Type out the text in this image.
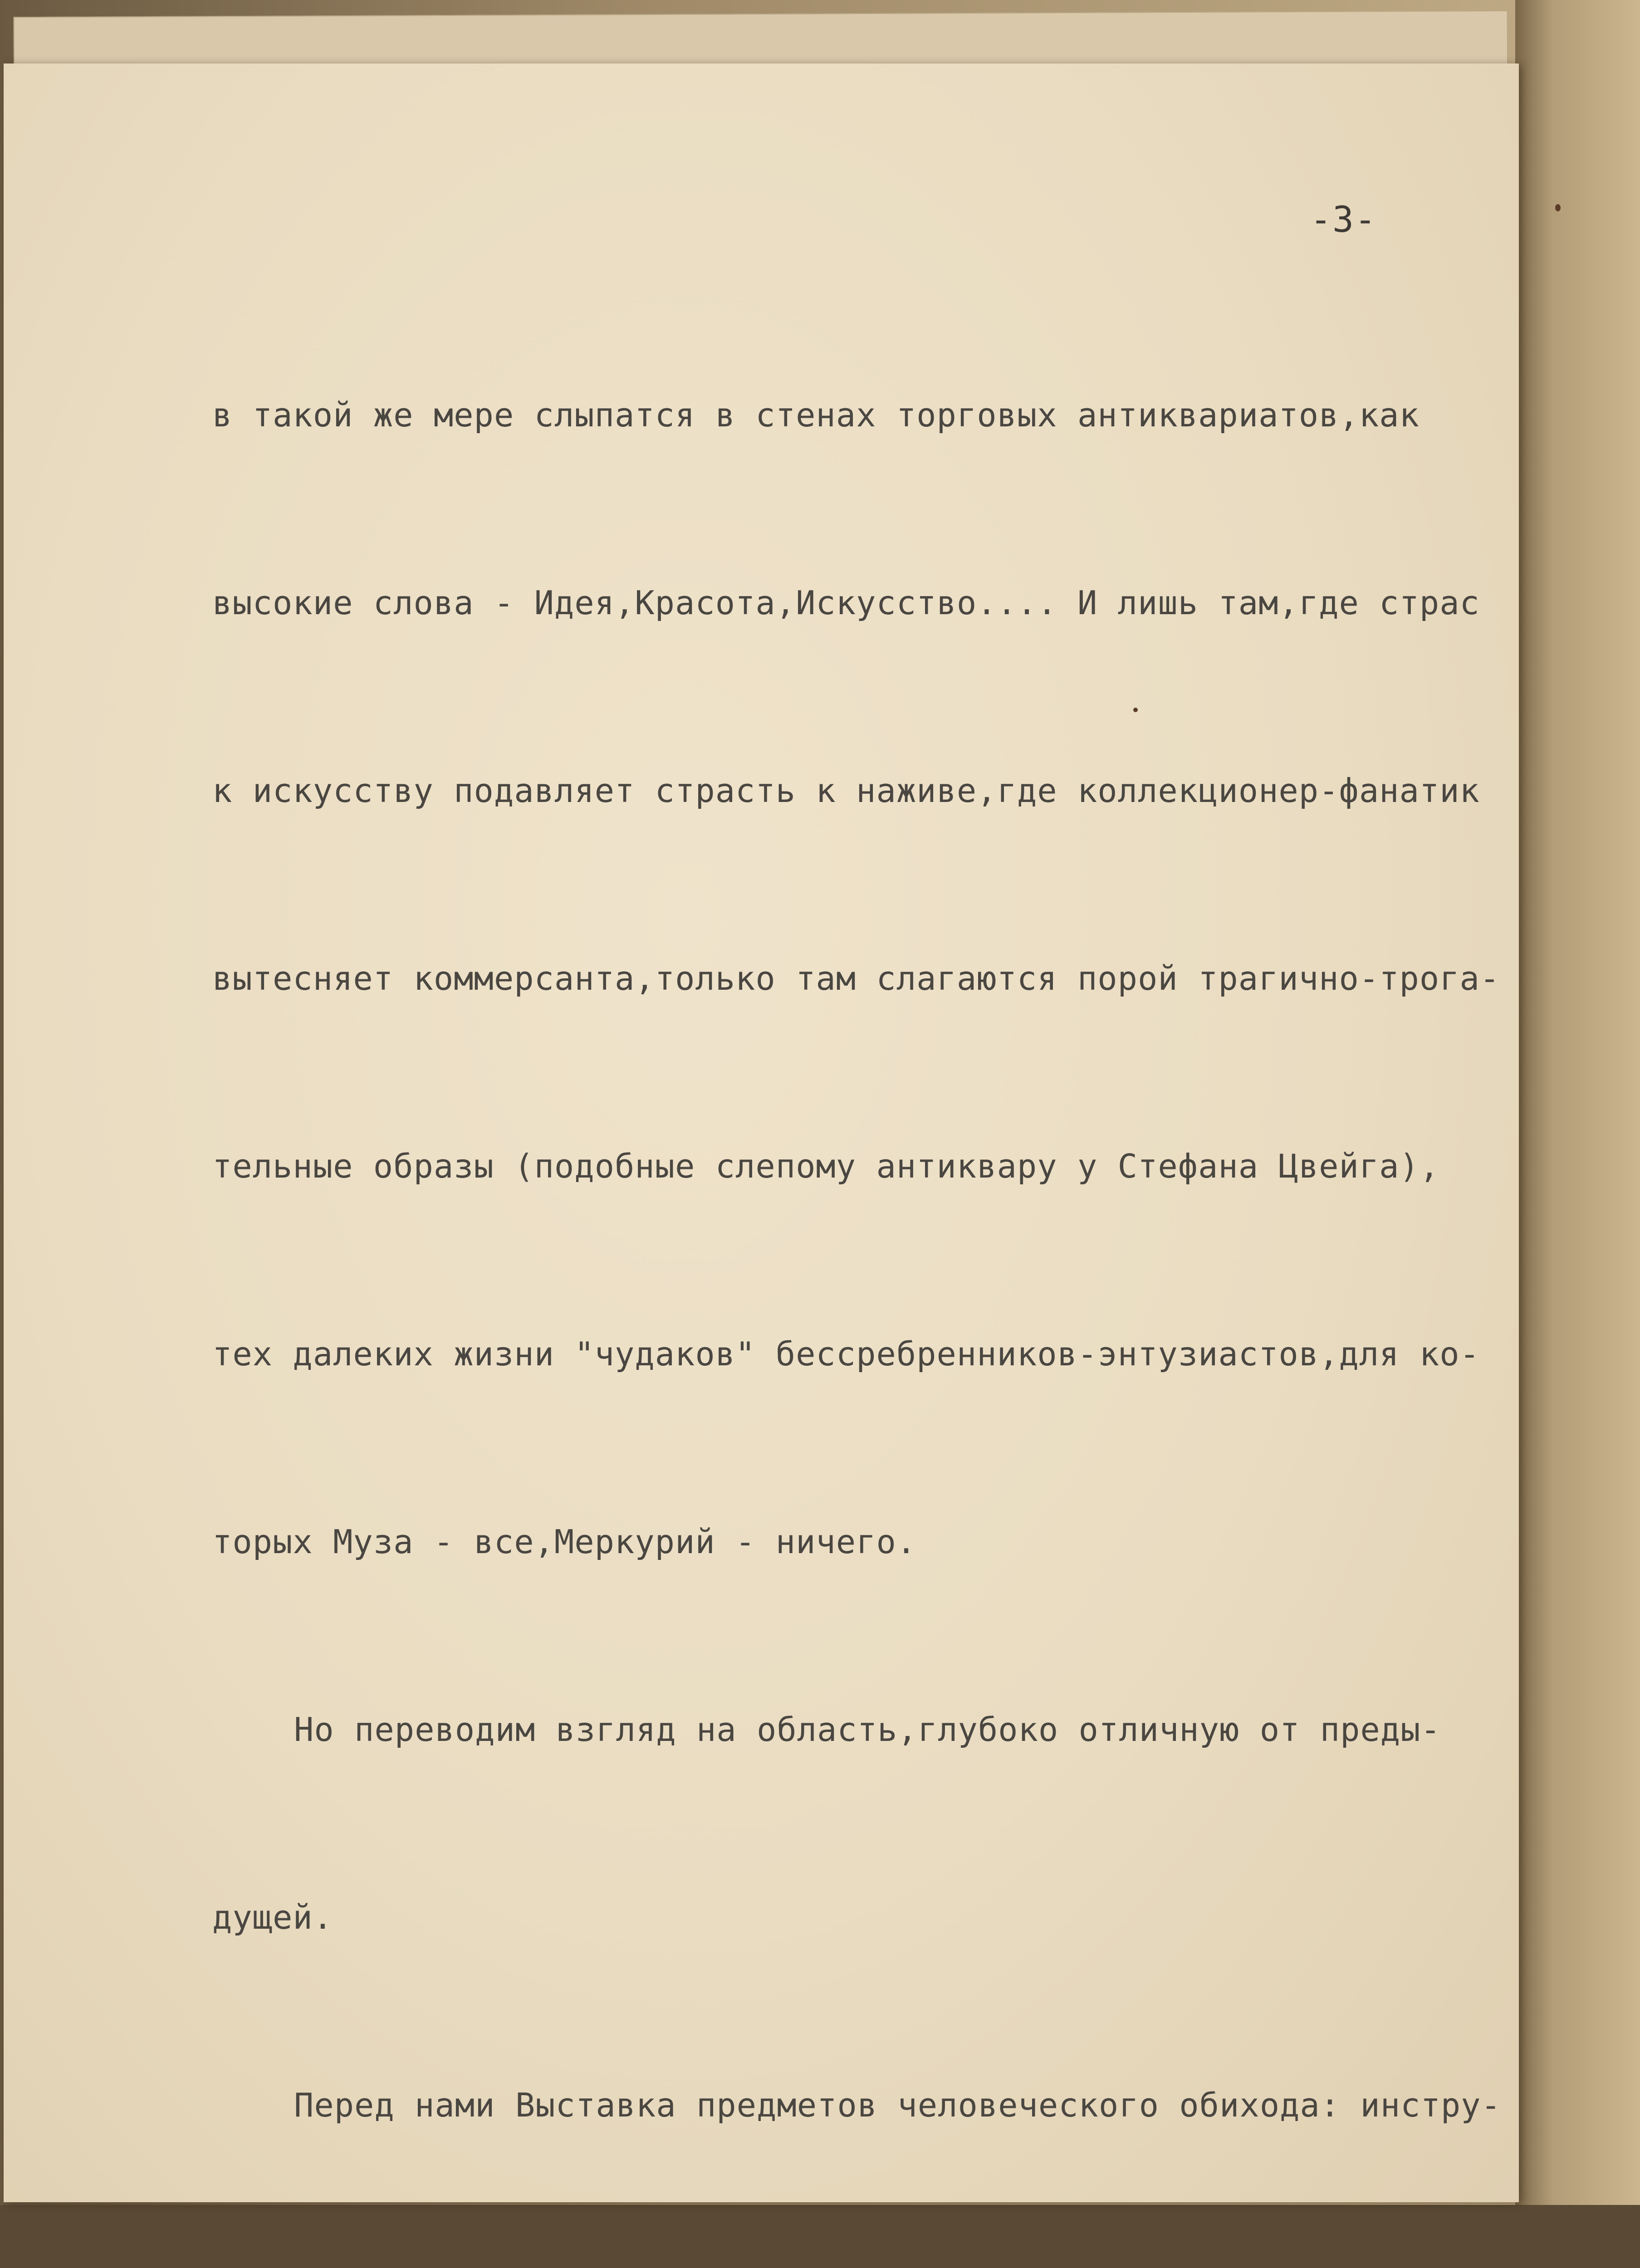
-3-

в такой же мере слыпатся в стенах торговых антиквариатов,как

высокие слова - Идея,Красота,Искусство.... И лишь там,где страс

к искусству подавляет страсть к наживе,где коллекционер-фанатик

вытесняет коммерсанта,только там слагаются порой трагично-трога-

тельные образы (подобные слепому антиквару у Стефана Цвейга),

тех далеких жизни "чудаков" бессребренников-энтузиастов,для ко-

торых Муза - все,Меркурий - ничего.

Но переводим взгляд на область,глубоко отличную от преды-

дущей.

Перед нами Выставка предметов человеческого обихода: инстру-
